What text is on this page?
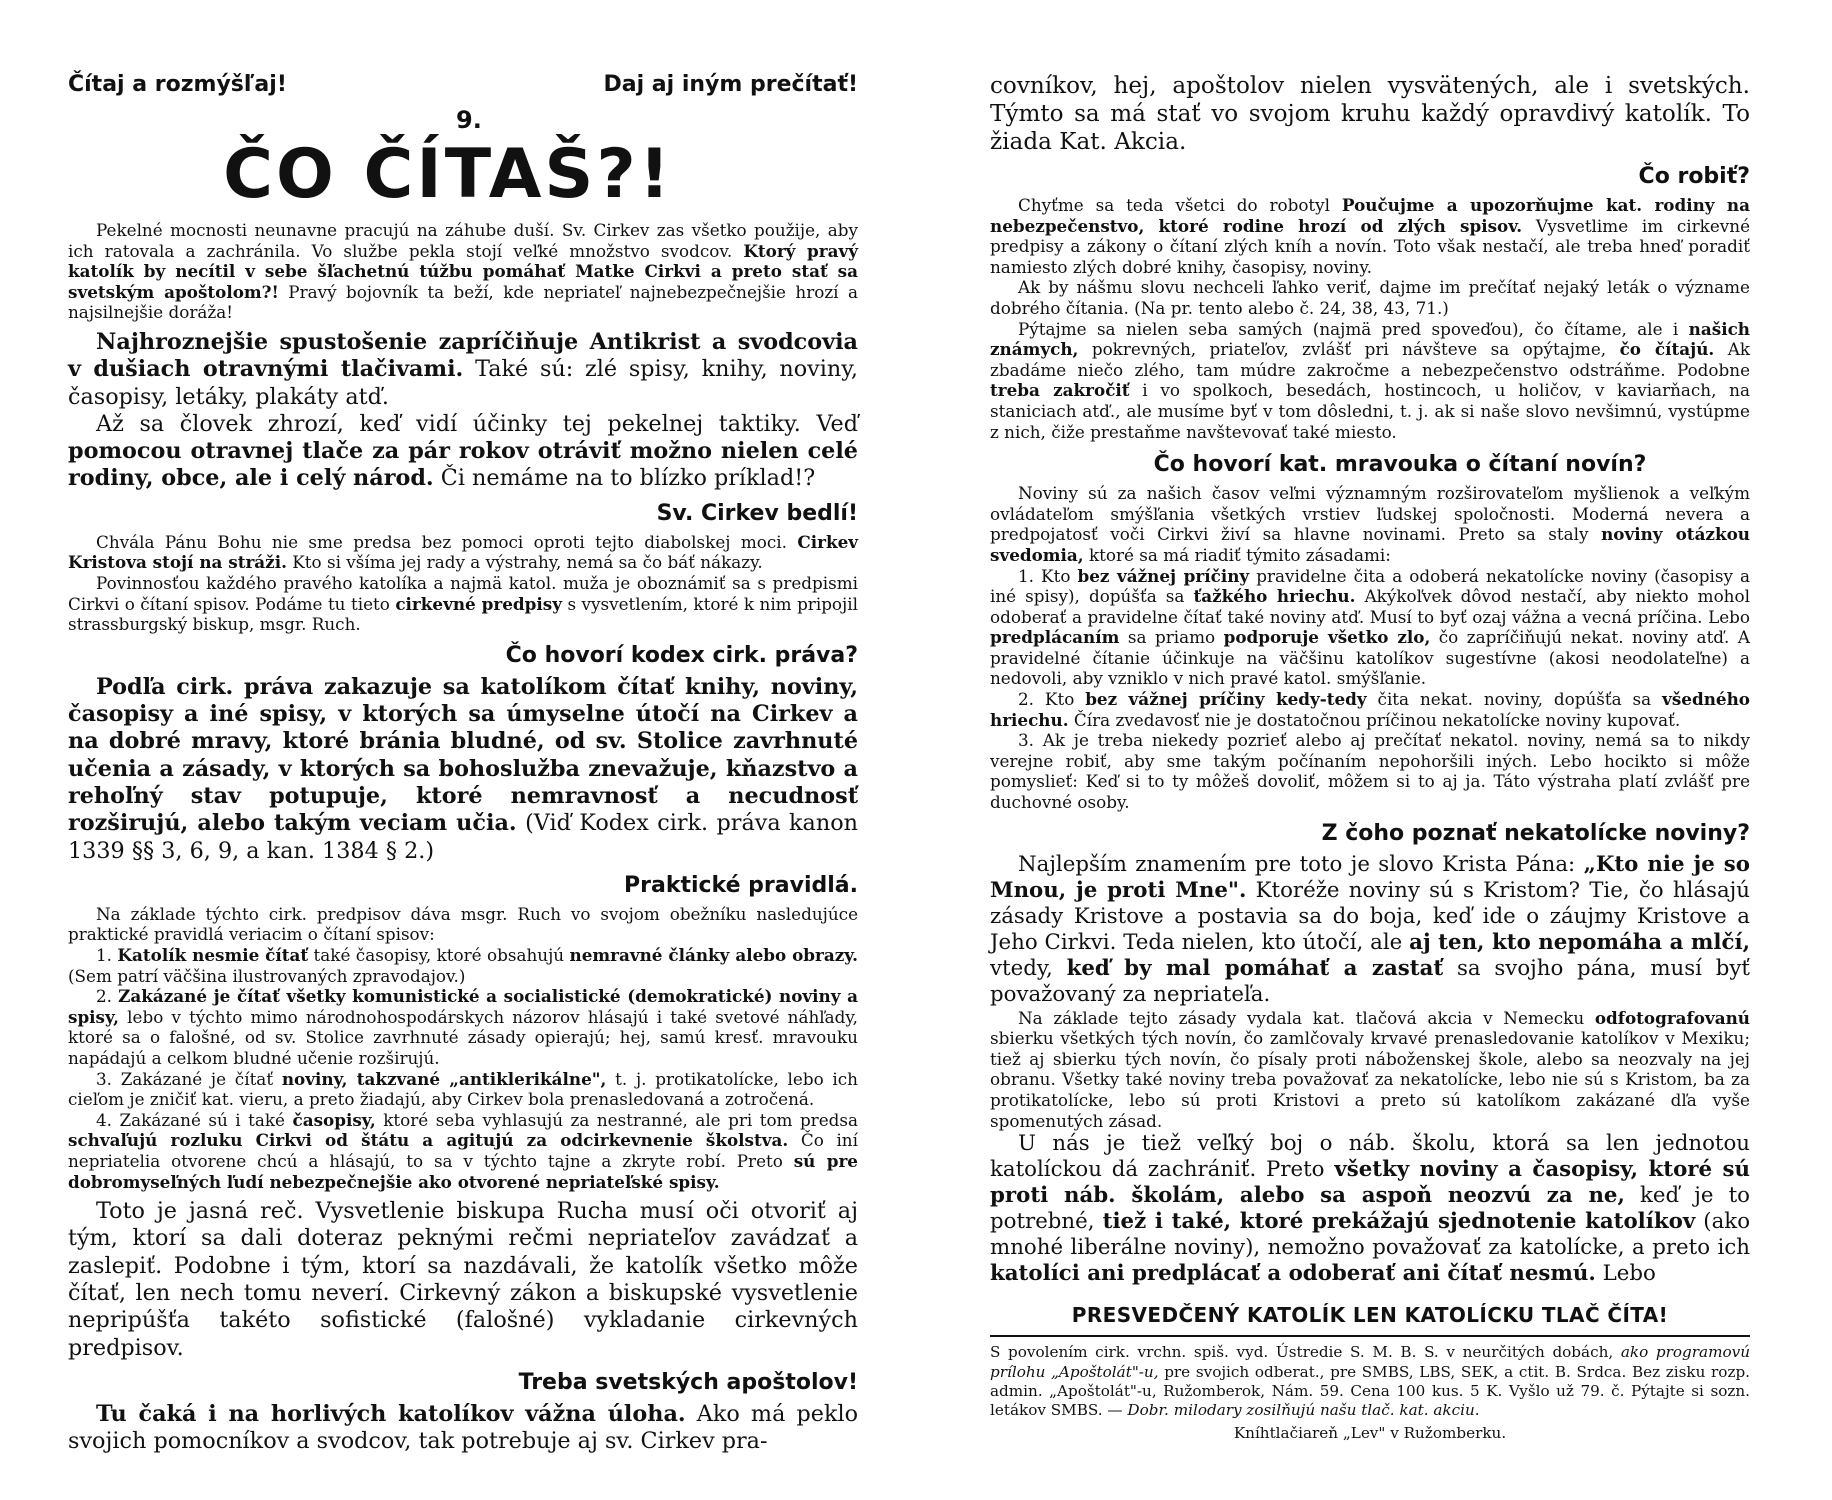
Čítaj a rozmýšľaj!	Daj aj iným prečítať!
9.
ČO ČÍTAŠ?!

Pekelné mocnosti neunavne pracujú na záhube duší. Sv. Cirkev zas všetko použije, aby ich ratovala a zachránila. Vo službe pekla stojí veľké množstvo svodcov. Ktorý pravý katolík by necítil v sebe šľachetnú túžbu pomáhať Matke Cirkvi a preto stať sa svetským apoštolom?! Pravý bojovník ta beží, kde nepriateľ najnebezpečnejšie hrozí a najsilnejšie doráža!

Najhroznejšie spustošenie zapríčiňuje Antikrist a svodcovia v dušiach otravnými tlačivami. Také sú: zlé spisy, knihy, noviny, časopisy, letáky, plakáty atď.

Až sa človek zhrozí, keď vidí účinky tej pekelnej taktiky. Veď pomocou otravnej tlače za pár rokov otráviť možno nielen celé rodiny, obce, ale i celý národ. Či nemáme na to blízko príklad!?

Sv. Cirkev bedlí!

Chvála Pánu Bohu nie sme predsa bez pomoci oproti tejto diabolskej moci. Cirkev Kristova stojí na stráži. Kto si všíma jej rady a výstrahy, nemá sa čo báť nákazy.

Povinnosťou každého pravého katolíka a najmä katol. muža je oboznámiť sa s predpismi Cirkvi o čítaní spisov. Podáme tu tieto cirkevné predpisy s vysvetlením, ktoré k nim pripojil strassburgský biskup, msgr. Ruch.

Čo hovorí kodex cirk. práva?

Podľa cirk. práva zakazuje sa katolíkom čítať knihy, noviny, časopisy a iné spisy, v ktorých sa úmyselne útočí na Cirkev a na dobré mravy, ktoré bránia bludné, od sv. Stolice zavrhnuté učenia a zásady, v ktorých sa bohoslužba znevažuje, kňazstvo a rehoľný stav potupuje, ktoré nemravnosť a necudnosť rozširujú, alebo takým veciam učia. (Viď Kodex cirk. práva kanon 1339 §§ 3, 6, 9, a kan. 1384 § 2.)

Praktické pravidlá.

Na základe týchto cirk. predpisov dáva msgr. Ruch vo svojom obežníku nasledujúce praktické pravidlá veriacim o čítaní spisov:

1. Katolík nesmie čítať také časopisy, ktoré obsahujú nemravné články alebo obrazy. (Sem patrí väčšina ilustrovaných zpravodajov.)

2. Zakázané je čítať všetky komunistické a socialistické (demokratické) noviny a spisy, lebo v týchto mimo národnohospodárskych názorov hlásajú i také svetové náhľady, ktoré sa o falošné, od sv. Stolice zavrhnuté zásady opierajú; hej, samú kresť. mravouku napádajú a celkom bludné učenie rozširujú.

3. Zakázané je čítať noviny, takzvané „antiklerikálne", t. j. protikatolícke, lebo ich cieľom je zničiť kat. vieru, a preto žiadajú, aby Cirkev bola prenasledovaná a zotročená.

4. Zakázané sú i také časopisy, ktoré seba vyhlasujú za nestranné, ale pri tom predsa schvaľujú rozluku Cirkvi od štátu a agitujú za odcirkevnenie školstva. Čo iní nepriatelia otvorene chcú a hlásajú, to sa v týchto tajne a zkryte robí. Preto sú pre dobromyseľných ľudí nebezpečnejšie ako otvorené nepriateľské spisy.

Toto je jasná reč. Vysvetlenie biskupa Rucha musí oči otvoriť aj tým, ktorí sa dali doteraz peknými rečmi nepriateľov zavádzať a zaslepiť. Podobne i tým, ktorí sa nazdávali, že katolík všetko môže čítať, len nech tomu neverí. Cirkevný zákon a biskupské vysvetlenie nepripúšťa takéto sofistické (falošné) vykladanie cirkevných predpisov.

Treba svetských apoštolov!

Tu čaká i na horlivých katolíkov vážna úloha. Ako má peklo svojich pomocníkov a svodcov, tak potrebuje aj sv. Cirkev pra-

covníkov, hej, apoštolov nielen vysvätených, ale i svetských. Týmto sa má stať vo svojom kruhu každý opravdivý katolík. To žiada Kat. Akcia.

Čo robiť?

Chyťme sa teda všetci do robotyl Poučujme a upozorňujme kat. rodiny na nebezpečenstvo, ktoré rodine hrozí od zlých spisov. Vysvetlime im cirkevné predpisy a zákony o čítaní zlých kníh a novín. Toto však nestačí, ale treba hneď poradiť namiesto zlých dobré knihy, časopisy, noviny.

Ak by nášmu slovu nechceli ľahko veriť, dajme im prečítať nejaký leták o význame dobrého čítania. (Na pr. tento alebo č. 24, 38, 43, 71.)

Pýtajme sa nielen seba samých (najmä pred spoveďou), čo čítame, ale i našich známych, pokrevných, priateľov, zvlášť pri návšteve sa opýtajme, čo čítajú. Ak zbadáme niečo zlého, tam múdre zakročme a nebezpečenstvo odstráňme. Podobne treba zakročiť i vo spolkoch, besedách, hostincoch, u holičov, v kaviarňach, na staniciach atď., ale musíme byť v tom dôsledni, t. j. ak si naše slovo nevšimnú, vystúpme z nich, čiže prestaňme navštevovať také miesto.

Čo hovorí kat. mravouka o čítaní novín?

Noviny sú za našich časov veľmi významným rozširovateľom myšlienok a veľkým ovládateľom smýšľania všetkých vrstiev ľudskej spoločnosti. Moderná nevera a predpojatosť voči Cirkvi živí sa hlavne novinami. Preto sa staly noviny otázkou svedomia, ktoré sa má riadiť týmito zásadami:

1. Kto bez vážnej príčiny pravidelne čita a odoberá nekatolícke noviny (časopisy a iné spisy), dopúšťa sa ťažkého hriechu. Akýkoľvek dôvod nestačí, aby niekto mohol odoberať a pravidelne čítať také noviny atď. Musí to byť ozaj vážna a vecná príčina. Lebo predplácaním sa priamo podporuje všetko zlo, čo zapríčiňujú nekat. noviny atď. A pravidelné čítanie účinkuje na väčšinu katolíkov sugestívne (akosi neodolateľne) a nedovoli, aby vzniklo v nich pravé katol. smýšľanie.

2. Kto bez vážnej príčiny kedy-tedy čita nekat. noviny, dopúšťa sa všedného hriechu. Číra zvedavosť nie je dostatočnou príčinou nekatolícke noviny kupovať.

3. Ak je treba niekedy pozrieť alebo aj prečítať nekatol. noviny, nemá sa to nikdy verejne robiť, aby sme takým počínaním nepohoršili iných. Lebo hocikto si môže pomyslieť: Keď si to ty môžeš dovoliť, môžem si to aj ja. Táto výstraha platí zvlášť pre duchovné osoby.

Z čoho poznať nekatolícke noviny?

Najlepším znamením pre toto je slovo Krista Pána: „Kto nie je so Mnou, je proti Mne". Ktoréže noviny sú s Kristom? Tie, čo hlásajú zásady Kristove a postavia sa do boja, keď ide o záujmy Kristove a Jeho Cirkvi. Teda nielen, kto útočí, ale aj ten, kto nepomáha a mlčí, vtedy, keď by mal pomáhať a zastať sa svojho pána, musí byť považovaný za nepriateľa.

Na základe tejto zásady vydala kat. tlačová akcia v Nemecku odfotografovanú sbierku všetkých tých novín, čo zamlčovaly krvavé prenasledovanie katolíkov v Mexiku; tiež aj sbierku tých novín, čo písaly proti náboženskej škole, alebo sa neozvaly na jej obranu. Všetky také noviny treba považovať za nekatolícke, lebo nie sú s Kristom, ba za protikatolícke, lebo sú proti Kristovi a preto sú katolíkom zakázané dľa vyše spomenutých zásad.

U nás je tiež veľký boj o náb. školu, ktorá sa len jednotou katolíckou dá zachrániť. Preto všetky noviny a časopisy, ktoré sú proti náb. školám, alebo sa aspoň neozvú za ne, keď je to potrebné, tiež i také, ktoré prekážajú sjednotenie katolíkov (ako mnohé liberálne noviny), nemožno považovať za katolícke, a preto ich katolíci ani predplácať a odoberať ani čítať nesmú. Lebo

PRESVEDČENÝ KATOLÍK LEN KATOLÍCKU TLAČ ČÍTA!

S povolením cirk. vrchn. spiš. vyd. Ústredie S. M. B. S. v neurčitých dobách, ako programovú prílohu „Apoštolát"-u, pre svojich odberat., pre SMBS, LBS, SEK, a ctit. B. Srdca. Bez zisku rozp. admin. „Apoštolát"-u, Ružomberok, Nám. 59. Cena 100 kus. 5 K. Vyšlo už 79. č. Pýtajte si sozn. letákov SMBS. — Dobr. milodary zosilňujú našu tlač. kat. akciu.

Kníhtlačiareň „Lev" v Ružomberku.
